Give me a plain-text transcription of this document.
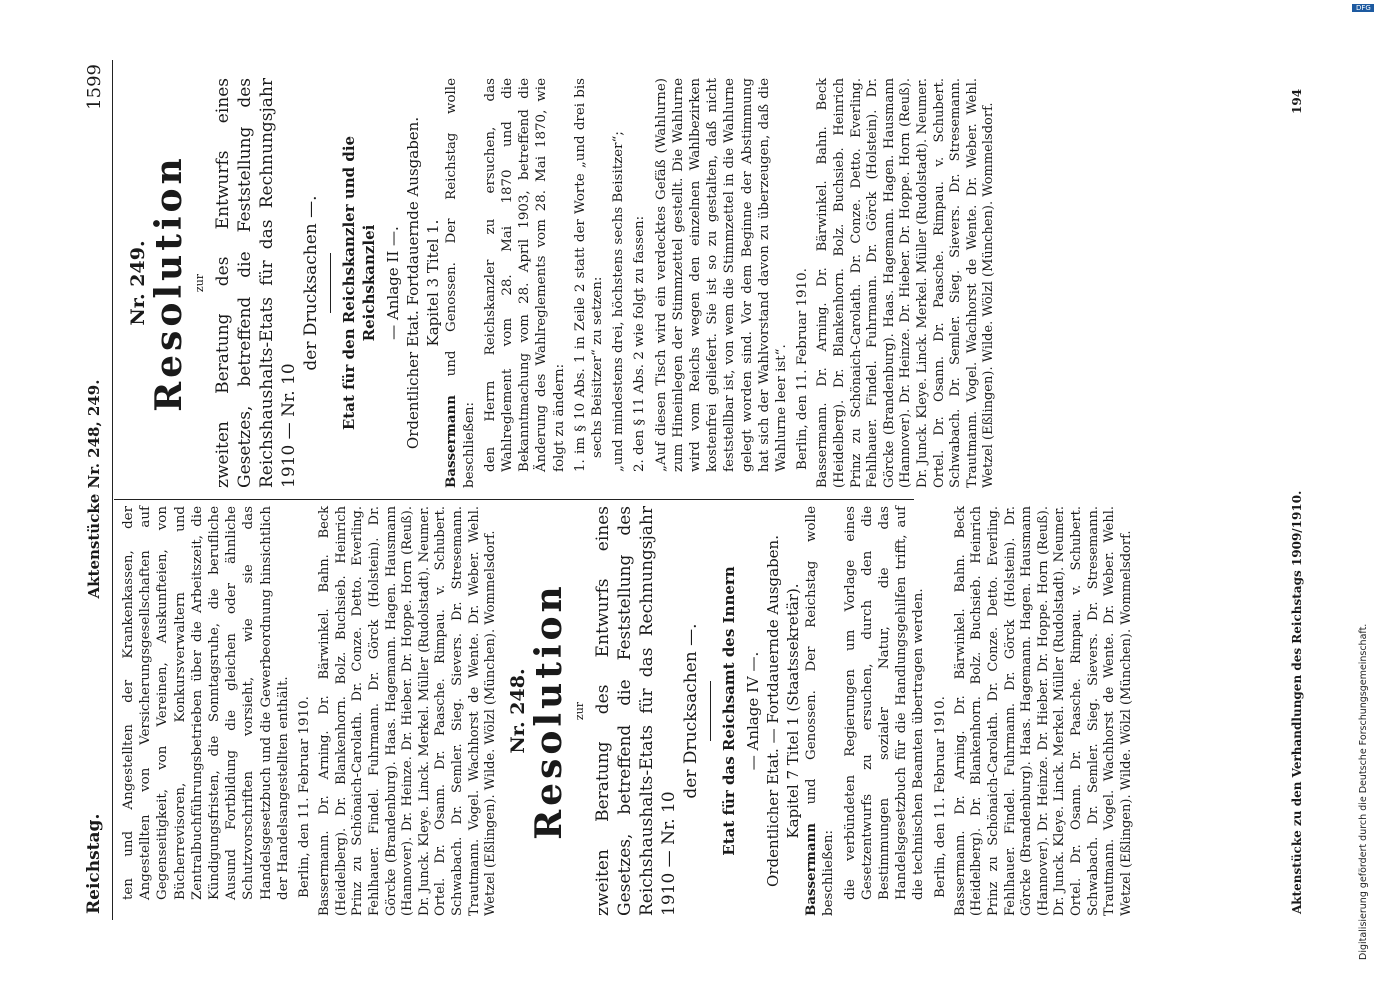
Reichstag.
Aktenstücke Nr. 248, 249.
1599

ten und Angestellten der Krankenkassen, der Angestellten von Versicherungsgesellschaften auf Gegenseitigkeit, von Vereinen, Auskunfteien, von Bücherrevisoren, Konkursverwaltern und Zentralbuchführungsbetrieben über die Arbeitszeit, die Kündigungsfristen, die Sonntagsruhe, die berufliche Ausund Fortbildung die gleichen oder ähnliche Schutzvorschriften vorsieht, wie sie das Handelsgesetzbuch und die Gewerbeordnung hinsichtlich der Handelsangestellten enthält. Berlin, den 11. Februar 1910. Bassermann. Dr. Arning. Dr. Bärwinkel. Bahn. Beck (Heidelberg). Dr. Blankenhorn. Bolz. Buchsieb. Heinrich Prinz zu Schönaich-Carolath. Dr. Conze. Detto. Everling. Fehlhauer. Findel. Fuhrmann. Dr. Görck (Holstein). Dr. Görcke (Brandenburg). Haas. Hagemann. Hagen. Hausmann (Hannover). Dr. Heinze. Dr. Hieber. Dr. Hoppe. Horn (Reuß). Dr. Junck. Kleye. Linck. Merkel. Müller (Rudolstadt). Neumer. Ortel. Dr. Osann. Dr. Paasche. Rimpau. v. Schubert. Schwabach. Dr. Semler. Sieg. Sievers. Dr. Stresemann. Trautmann. Vogel. Wachhorst de Wente. Dr. Weber. Wehl. Wetzel (Eßlingen). Wilde. Wölzl (München). Wommelsdorf. Nr. 248. Resolution zur zweiten Beratung des Entwurfs eines Gesetzes, betreffend die Feststellung des Reichshaushalts-Etats für das Rechnungsjahr 1910 — Nr. 10
der Drucksachen —. Etat für das Reichsamt des Innern — Anlage IV —. Ordentlicher Etat. — Fortdauernde Ausgaben. Kapitel 7 Titel 1 (Staatssekretär).

Bassermann und Genossen. Der Reichstag wolle beschließen: die verbündeten Regierungen um Vorlage eines Gesetzentwurfs zu ersuchen, durch den die Bestimmungen sozialer Natur, die das Handelsgesetzbuch für die Handlungsgehilfen trifft, auf die technischen Beamten übertragen werden. Berlin, den 11. Februar 1910. Bassermann. Dr. Arning. Dr. Bärwinkel. Bahn. Beck (Heidelberg). Dr. Blankenhorn. Bolz. Buchsieb. Heinrich Prinz zu Schönaich-Carolath. Dr. Conze. Detto. Everling. Fehlhauer. Findel. Fuhrmann. Dr. Görck (Holstein). Dr. Görcke (Brandenburg). Haas. Hagemann. Hagen. Hausmann (Hannover). Dr. Heinze. Dr. Hieber. Dr. Hoppe. Horn (Reuß). Dr. Junck. Kleye. Linck. Merkel. Müller (Rudolstadt). Neumer. Ortel. Dr. Osann. Dr. Paasche. Rimpau. v. Schubert. Schwabach. Dr. Semler. Sieg. Sievers. Dr. Stresemann. Trautmann. Vogel. Wachhorst de Wente. Dr. Weber. Wehl. Wetzel (Eßlingen). Wilde. Wölzl (München). Wommelsdorf.

Nr. 249. Resolution zur zweiten Beratung des Entwurfs eines Gesetzes, betreffend die Feststellung des Reichshaushalts-Etats für das Rechnungsjahr 1910 — Nr. 10
der Drucksachen —. Etat für den Reichskanzler und die Reichskanzlei — Anlage II —. Ordentlicher Etat. Fortdauernde Ausgaben. Kapitel 3 Titel 1.

Bassermann und Genossen. Der Reichstag wolle beschließen: den Herrn Reichskanzler zu ersuchen, das Wahlreglement vom 28. Mai 1870 und die Bekanntmachung vom 28. April 1903, betreffend die Änderung des Wahlreglements vom 28. Mai 1870, wie folgt zu ändern: 1. im § 10 Abs. 1 in Zeile 2 statt der Worte „und drei bis sechs Beisitzer“ zu setzen: „und mindestens drei, höchstens sechs Beisitzer“; 2. den § 11 Abs. 2 wie folgt zu fassen: „Auf diesen Tisch wird ein verdecktes Gefäß (Wahlurne) zum Hineinlegen der Stimmzettel gestellt. Die Wahlurne wird vom Reichs wegen den einzelnen Wahlbezirken kostenfrei geliefert. Sie ist so zu gestalten, daß nicht feststellbar ist, von wem die Stimmzettel in die Wahlurne gelegt worden sind. Vor dem Beginne der Abstimmung hat sich der Wahlvorstand davon zu überzeugen, daß die Wahlurne leer ist“. Berlin, den 11. Februar 1910. Bassermann. Dr. Arning. Dr. Bärwinkel. Bahn. Beck (Heidelberg). Dr. Blankenhorn. Bolz. Buchsieb. Heinrich Prinz zu Schönaich-Carolath. Dr. Conze. Detto. Everling. Fehlhauer. Findel. Fuhrmann. Dr. Görck (Holstein). Dr. Görcke (Brandenburg). Haas. Hagemann. Hagen. Hausmann (Hannover). Dr. Heinze. Dr. Hieber. Dr. Hoppe. Horn (Reuß). Dr. Junck. Kleye. Linck. Merkel. Müller (Rudolstadt). Neumer. Ortel. Dr. Osann. Dr. Paasche. Rimpau. v. Schubert. Schwabach. Dr. Semler. Sieg. Sievers. Dr. Stresemann. Trautmann. Vogel. Wachhorst de Wente. Dr. Weber. Wehl. Wetzel (Eßlingen). Wilde. Wölzl (München). Wommelsdorf.

Aktenstücke zu den Verhandlungen des Reichstags 1909/1910.
194
Digitalisierung gefördert durch die Deutsche Forschungsgemeinschaft.
DFG
